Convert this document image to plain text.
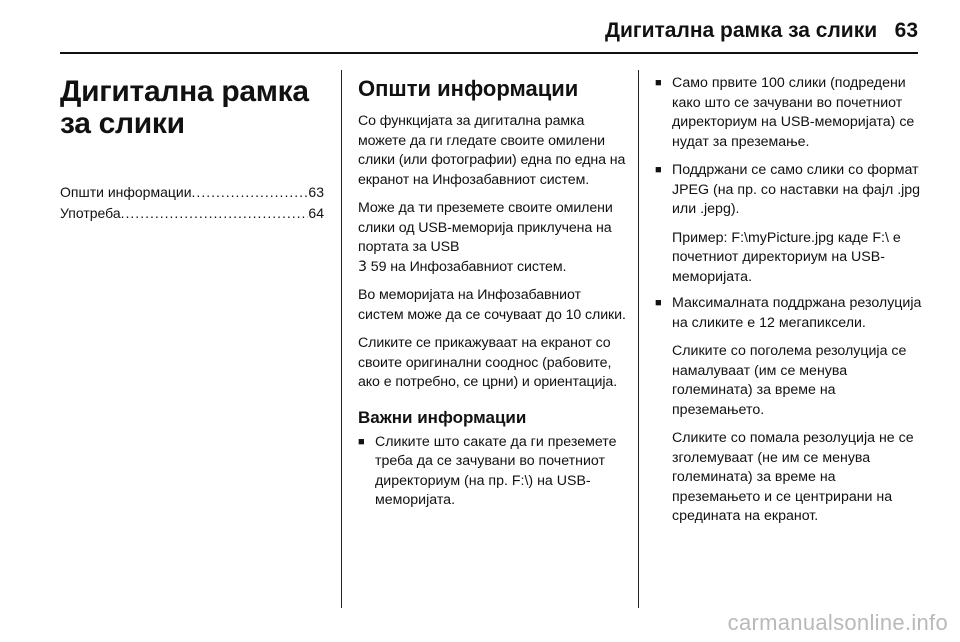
Дигитална рамка за слики 63
Дигитална рамка за слики
Општи информации .....	63
Употреба .....	64
Општи информации

Со функцијата за дигитална рамка можете да ги гледате своите омилени слики (или фотографии) една по една на екранот на Инфозабавниот систем.

Може да ти преземете своите омилени слики од USB-меморија приклучена на портата за USB
3 59 на Инфозабавниот систем.

Во меморијата на Инфозабавниот систем може да се сочуваат до 10 слики.

Сликите се прикажуваат на екранот со своите оригинални сооднос (рабовите, ако е потребно, се црни) и ориентација.

Важни информации
■ Сликите што сакате да ги преземете треба да се зачувани во почетниот директориум (на пр. F:\) на USB-меморијата.
■ Само првите 100 слики (подредени како што се зачувани во почетниот директориум на USB-меморијата) се нудат за преземање.
■ Поддржани се само слики со формат JPEG (на пр. со наставки на фајл .jpg или .jepg).
Пример: F:\myPicture.jpg каде F:\ е почетниот директориум на USB-меморијата.
■ Максималната поддржана резолуција на сликите е 12 мегапиксели.
Сликите со поголема резолуција се намалуваат (им се менува големината) за време на преземањето.
Сликите со помала резолуција не се зголемуваат (не им се менува големината) за време на преземањето и се центрирани на средината на екранот.
carmanualsonline.info
